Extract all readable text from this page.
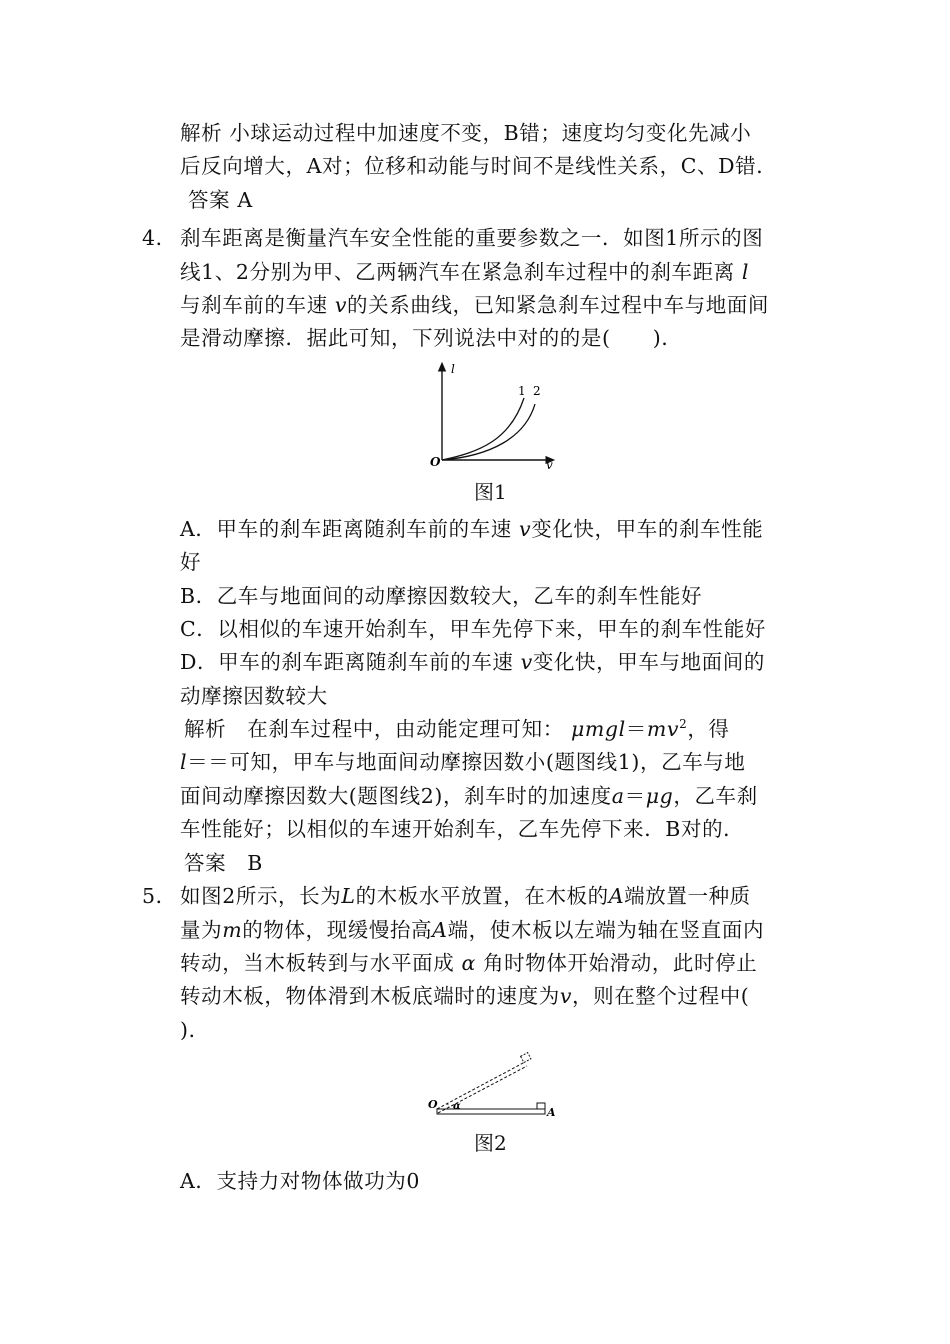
解析 小球运动过程中加速度不变，B错；速度均匀变化先减小
后反向增大，A对；位移和动能与时间不是线性关系，C、D错．
答案 A
4． 刹车距离是衡量汽车安全性能的重要参数之一．如图1所示的图
线1、2分别为甲、乙两辆汽车在紧急刹车过程中的刹车距离 l
与刹车前的车速 v的关系曲线，已知紧急刹车过程中车与地面间
是滑动摩擦．据此可知，下列说法中对的的是(　　)．
l
v
O
1 2
图1
A．甲车的刹车距离随刹车前的车速 v变化快，甲车的刹车性能
好
B．乙车与地面间的动摩擦因数较大，乙车的刹车性能好
C．以相似的车速开始刹车，甲车先停下来，甲车的刹车性能好
D．甲车的刹车距离随刹车前的车速 v变化快，甲车与地面间的
动摩擦因数较大
解析　在刹车过程中，由动能定理可知： $\mu mgl=mv^2$，得
l＝＝可知，甲车与地面间动摩擦因数小(题图线1)，乙车与地
面间动摩擦因数大(题图线2)，刹车时的加速度a＝μg，乙车刹
车性能好；以相似的车速开始刹车，乙车先停下来．B对的．
答案　B
5． 如图2所示，长为L的木板水平放置，在木板的A端放置一种质
量为m的物体，现缓慢抬高A端，使木板以左端为轴在竖直面内
转动，当木板转到与水平面成 α 角时物体开始滑动，此时停止
转动木板，物体滑到木板底端时的速度为v，则在整个过程中(
)．
O α	A
图2
A．支持力对物体做功为0
